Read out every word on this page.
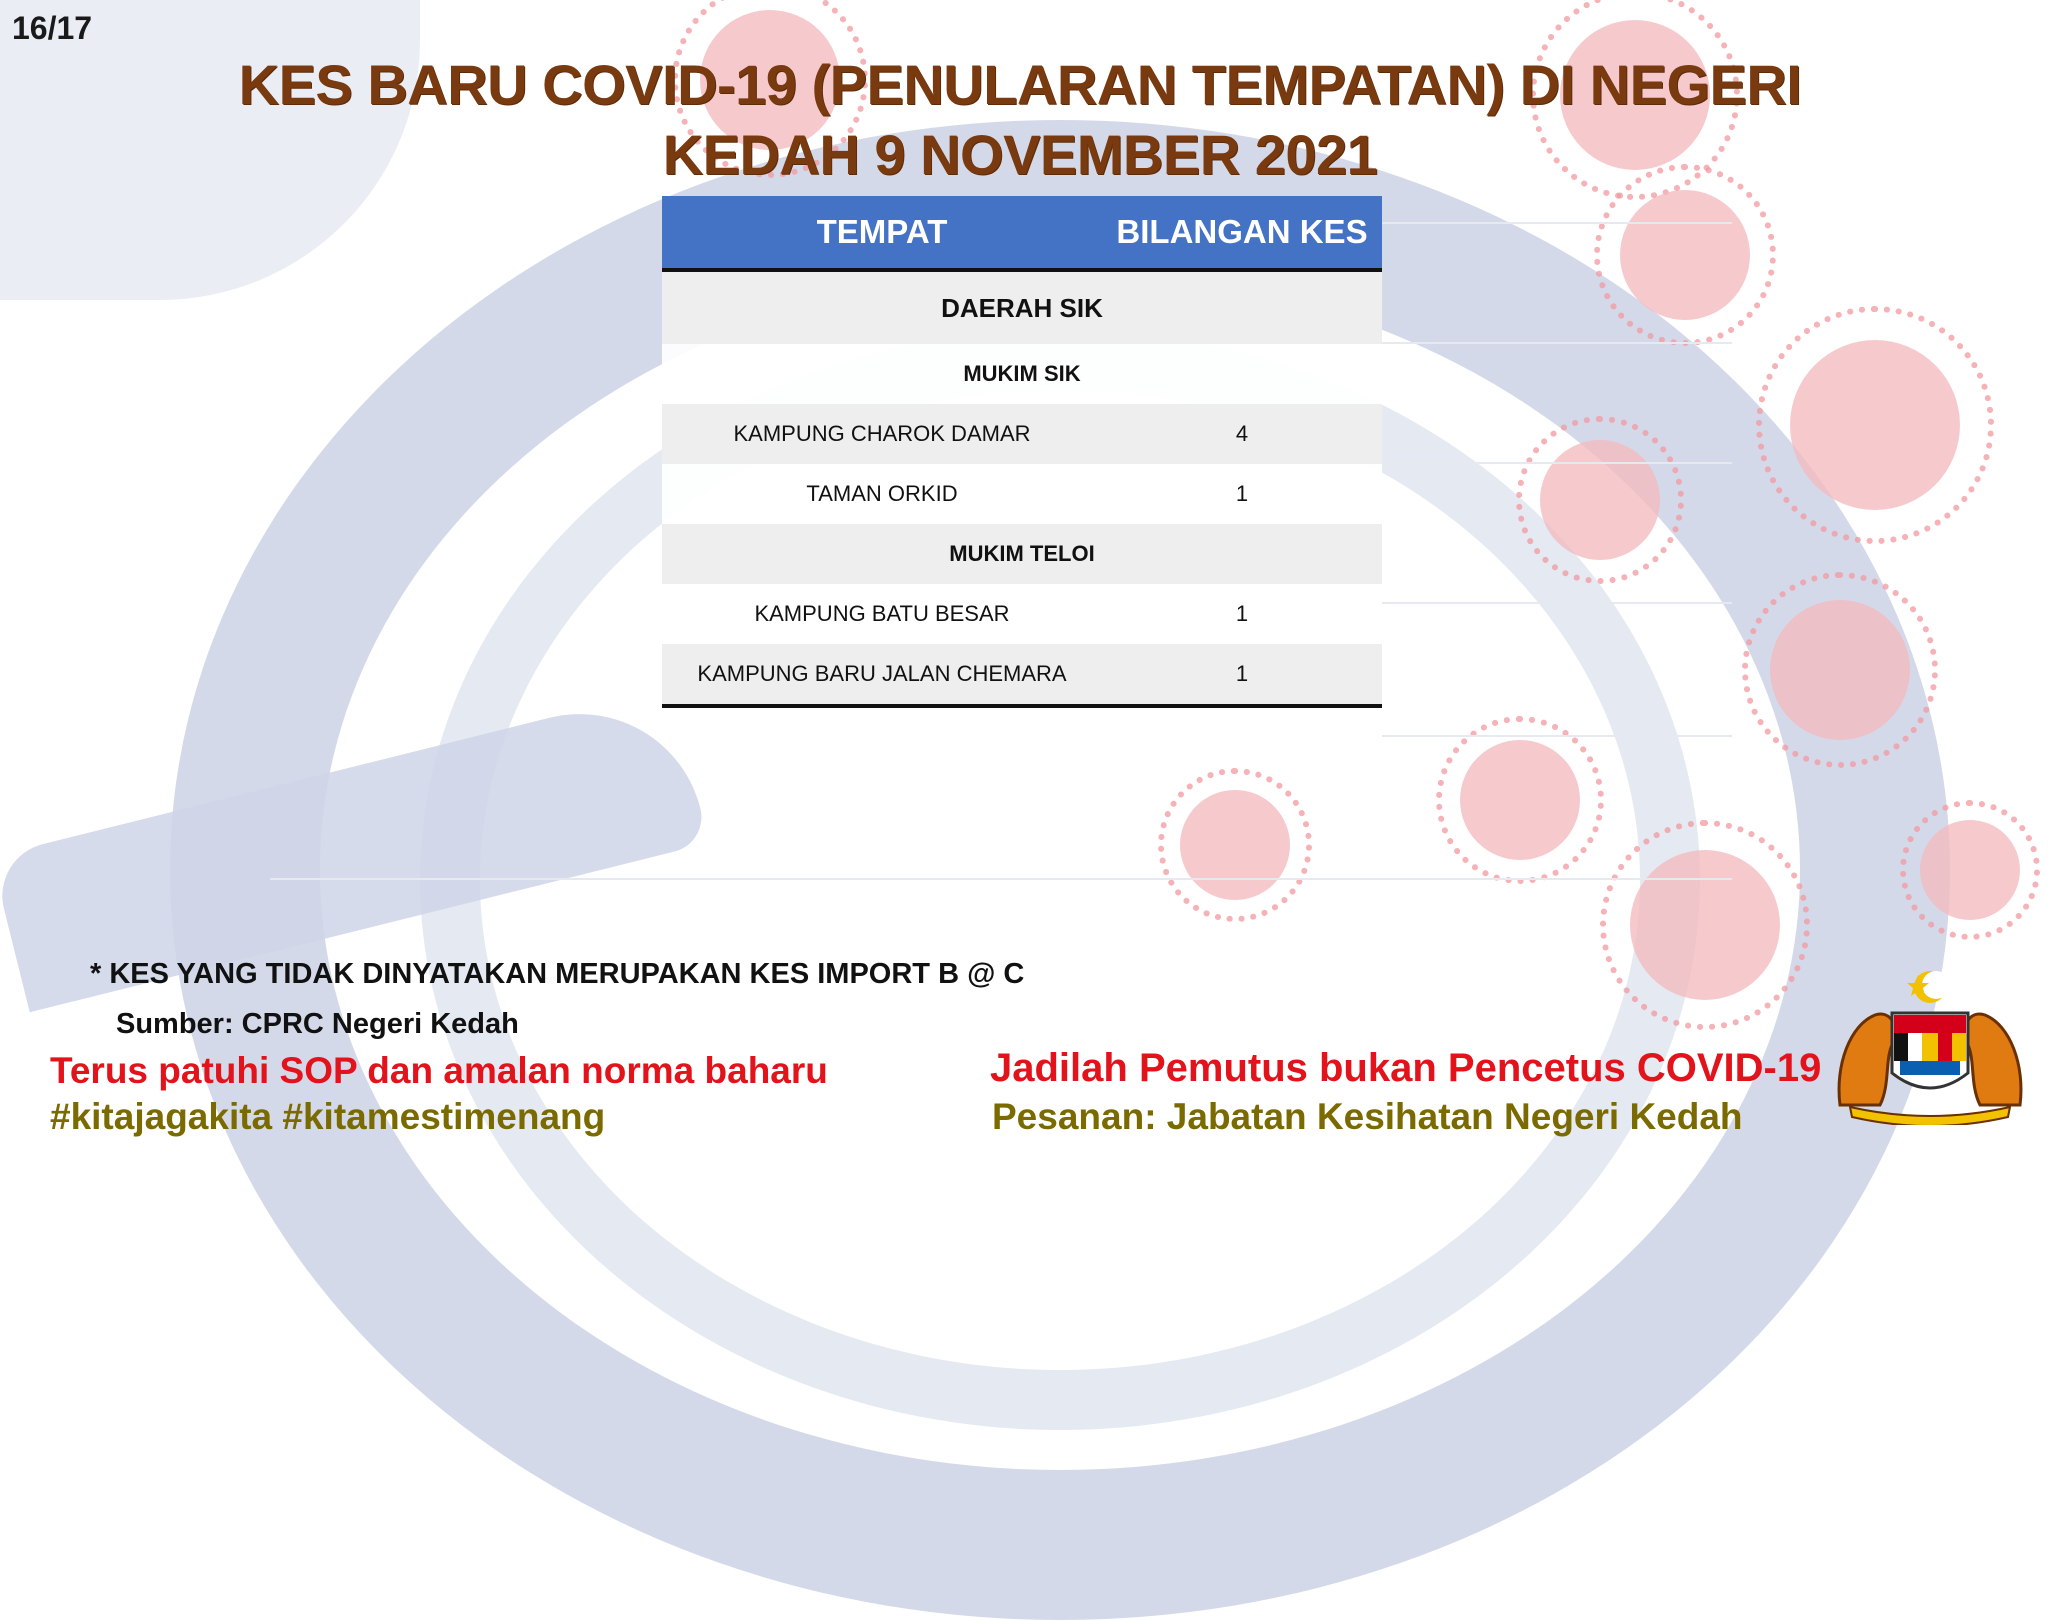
16/17
KES BARU COVID-19 (PENULARAN TEMPATAN) DI NEGERI
KEDAH 9 NOVEMBER 2021
TEMPAT	BILANGAN KES
DAERAH SIK
MUKIM SIK
KAMPUNG CHAROK DAMAR	4
TAMAN ORKID	1
MUKIM TELOI
KAMPUNG BATU BESAR	1
KAMPUNG BARU JALAN CHEMARA	1
* KES YANG TIDAK DINYATAKAN MERUPAKAN KES IMPORT B @ C
Sumber: CPRC Negeri Kedah
Terus patuhi SOP dan amalan norma baharu
#kitajagakita #kitamestimenang
Jadilah Pemutus bukan Pencetus COVID-19
Pesanan: Jabatan Kesihatan Negeri Kedah
